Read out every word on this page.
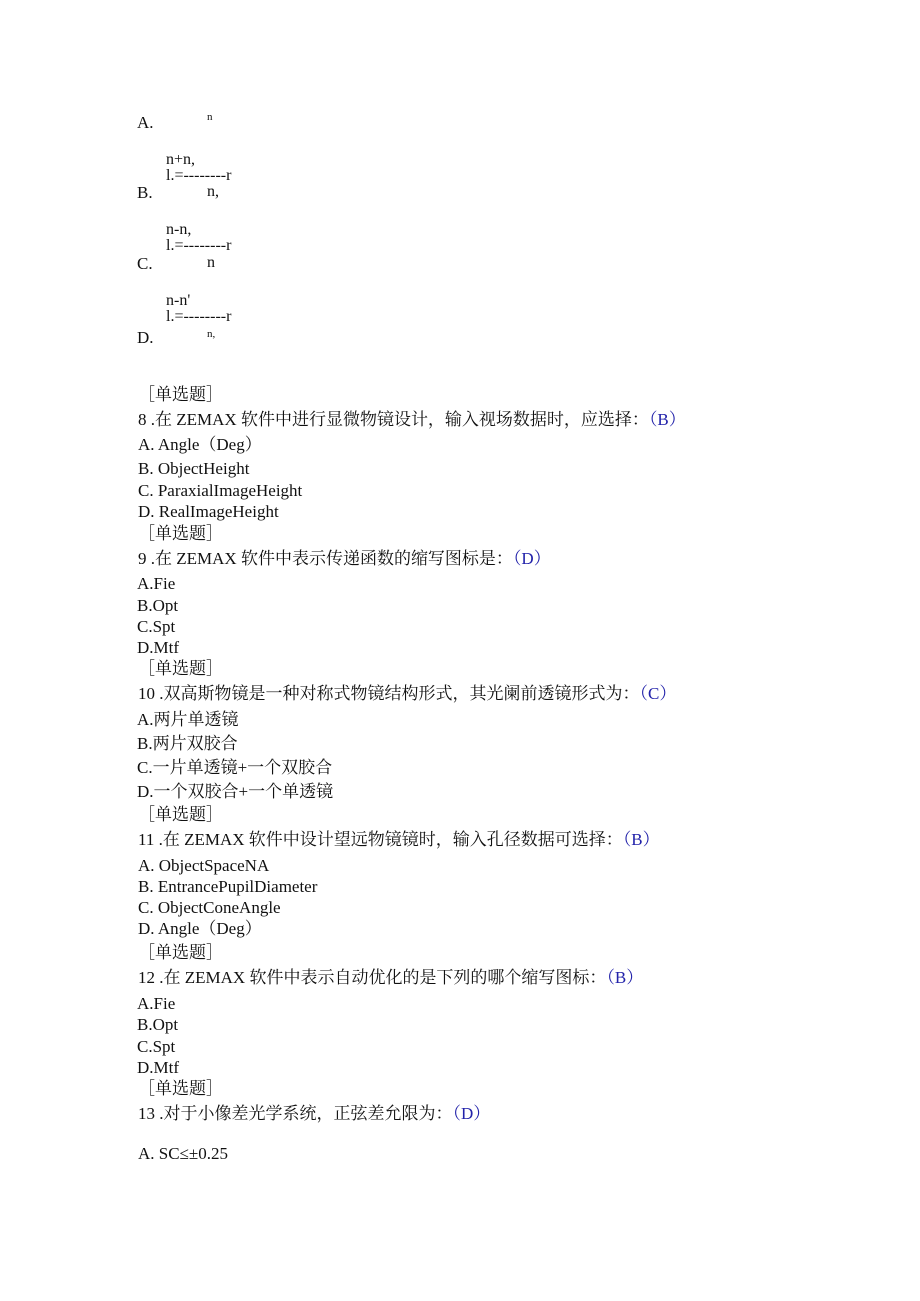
A.	n
n+n,
l.=--------r
B.	n,
n-n,
l.=--------r
C.	n
n-n'
l.=--------r
D.	n,
［单选题］
8 .在 ZEMAX 软件中进行显微物镜设计，输入视场数据时，应选择：（B）
A. Angle（Deg）
B. ObjectHeight
C. ParaxialImageHeight
D. RealImageHeight
［单选题］
9 .在 ZEMAX 软件中表示传递函数的缩写图标是：（D）
A.Fie
B.Opt
C.Spt
D.Mtf
［单选题］
10 .双高斯物镜是一种对称式物镜结构形式，其光阑前透镜形式为：（C）
A.两片单透镜
B.两片双胶合
C.一片单透镜+一个双胶合
D.一个双胶合+一个单透镜
［单选题］
11 .在 ZEMAX 软件中设计望远物镜镜时，输入孔径数据可选择：（B）
A. ObjectSpaceNA
B. EntrancePupilDiameter
C. ObjectConeAngle
D. Angle（Deg）
［单选题］
12 .在 ZEMAX 软件中表示自动优化的是下列的哪个缩写图标：（B）
A.Fie
B.Opt
C.Spt
D.Mtf
［单选题］
13 .对于小像差光学系统，正弦差允限为：（D）
A. SC≤±0.25
